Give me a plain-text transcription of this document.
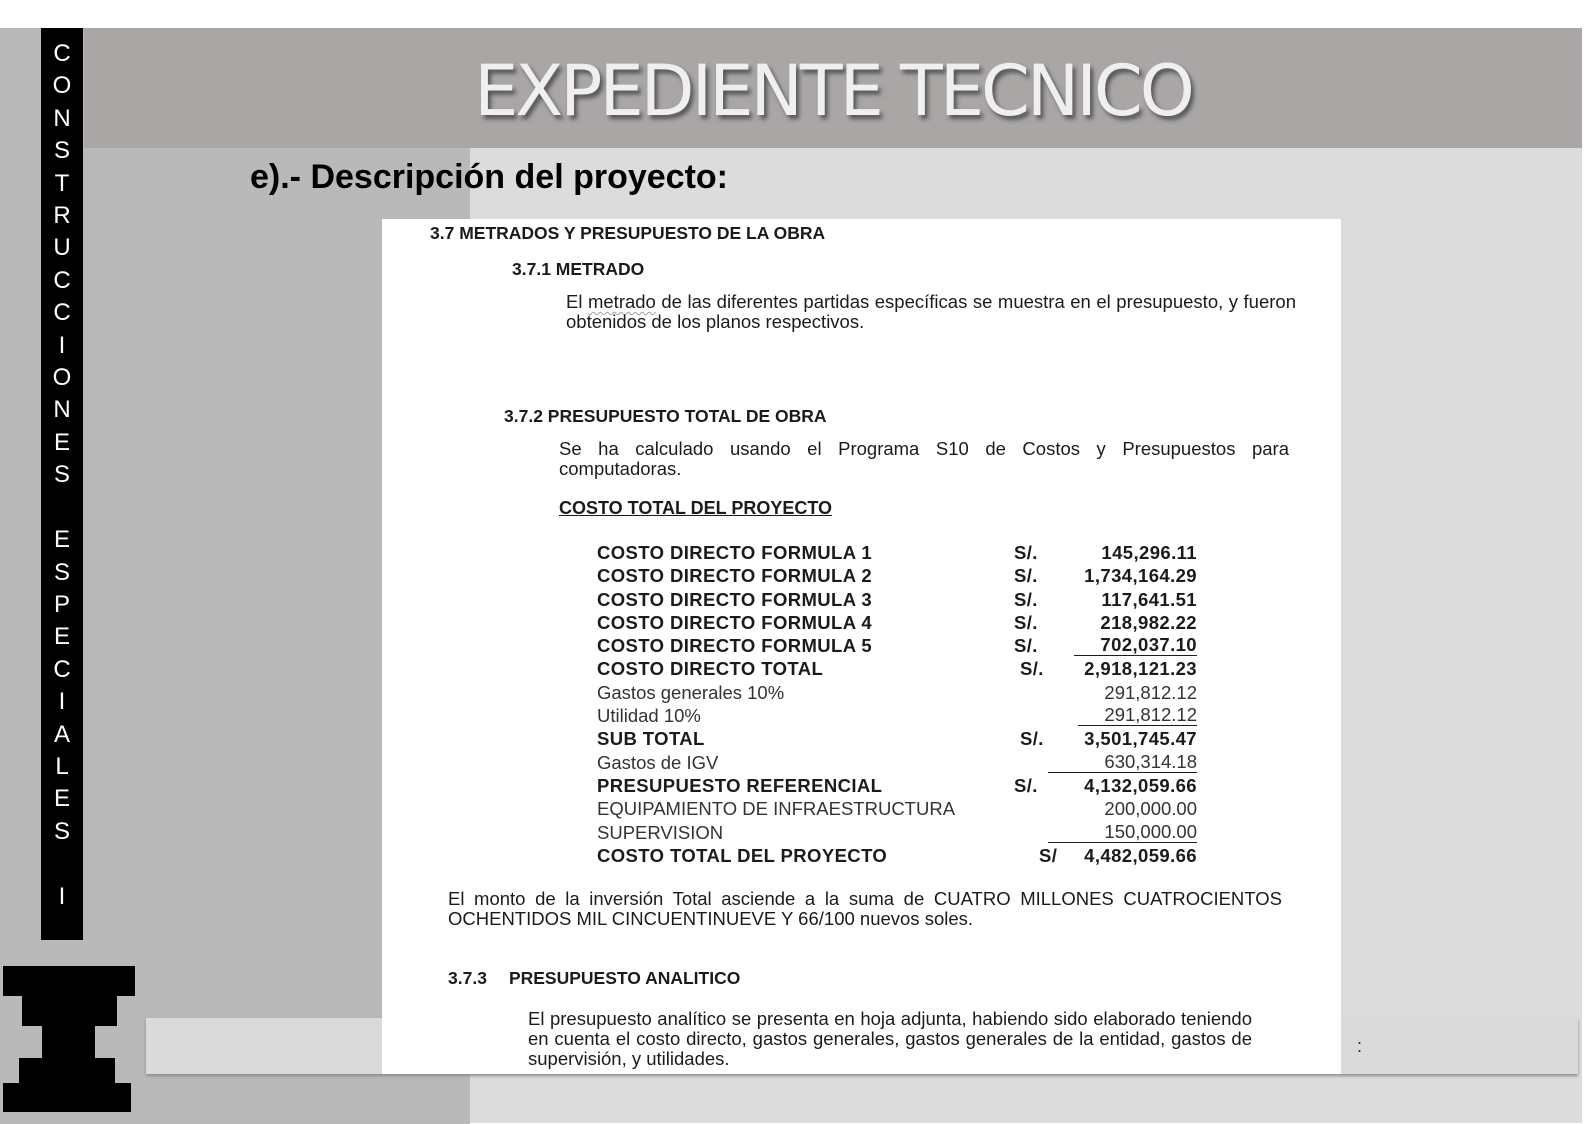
EXPEDIENTE TECNICO
C
O
N
S
T
R
U
C
C
I
O
N
E
S

E
S
P
E
C
I
A
L
E
S

I
e).- Descripción del proyecto:
:
3.7 METRADOS Y PRESUPUESTO DE LA OBRA
3.7.1 METRADO
El metrado de las diferentes partidas específicas se muestra en el presupuesto, y fueron obtenidos de los planos respectivos.
3.7.2 PRESUPUESTO TOTAL DE OBRA
Se ha calculado usando el Programa S10 de Costos y Presupuestos para computadoras.
COSTO TOTAL DEL PROYECTO
COSTO DIRECTO FORMULA 1	S/.	145,296.11
COSTO DIRECTO FORMULA 2	S/.	1,734,164.29
COSTO DIRECTO FORMULA 3	S/.	117,641.51
COSTO DIRECTO FORMULA 4	S/.	218,982.22
COSTO DIRECTO FORMULA 5	S/.	702,037.10
COSTO DIRECTO TOTAL	S/. 2,918,121.23
Gastos generales 10%	291,812.12
Utilidad 10%	291,812.12
SUB TOTAL	S/. 3,501,745.47
Gastos de IGV	630,314.18
PRESUPUESTO REFERENCIAL	S/.	4,132,059.66
EQUIPAMIENTO DE INFRAESTRUCTURA	200,000.00
SUPERVISION	150,000.00
COSTO TOTAL DEL PROYECTO	S/ 4,482,059.66
El monto de la inversión Total asciende a la suma de CUATRO MILLONES CUATROCIENTOS OCHENTIDOS MIL CINCUENTINUEVE Y 66/100 nuevos soles.
3.7.3 PRESUPUESTO ANALITICO
El presupuesto analítico se presenta en hoja adjunta, habiendo sido elaborado teniendo en cuenta el costo directo, gastos generales, gastos generales de la entidad, gastos de supervisión, y utilidades.
